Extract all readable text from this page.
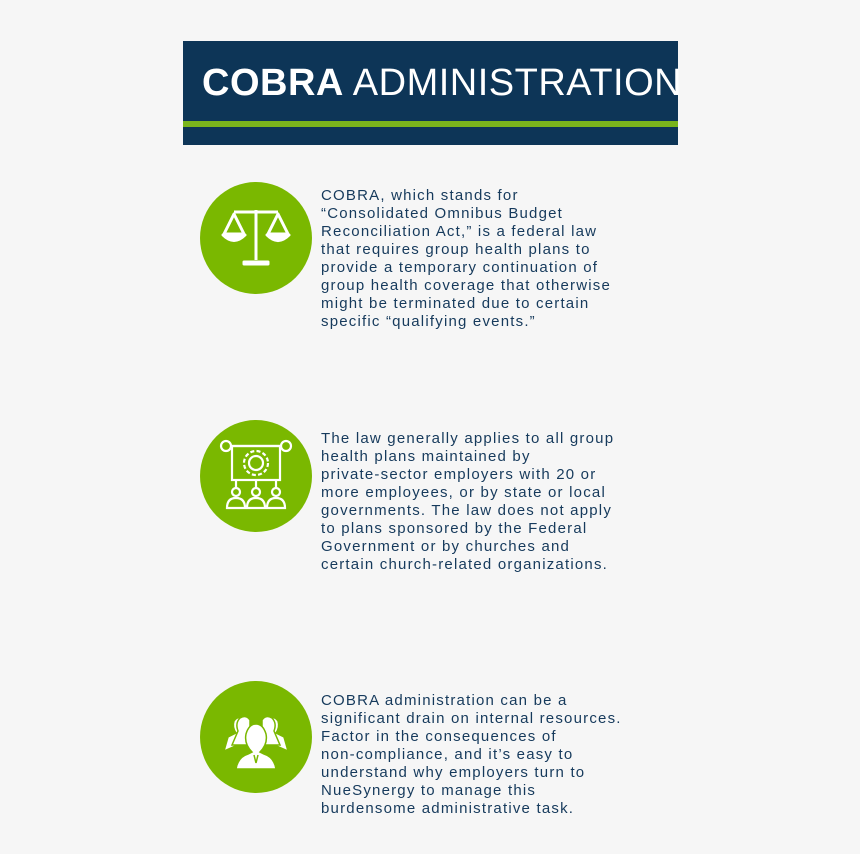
COBRA ADMINISTRATION
COBRA, which stands for
“Consolidated Omnibus Budget
Reconciliation Act,” is a federal law
that requires group health plans to
provide a temporary continuation of
group health coverage that otherwise
might be terminated due to certain
specific “qualifying events.”
The law generally applies to all group
health plans maintained by
private-sector employers with 20 or
more employees, or by state or local
governments. The law does not apply
to plans sponsored by the Federal
Government or by churches and
certain church-related organizations.
COBRA administration can be a
significant drain on internal resources.
Factor in the consequences of
non-compliance, and it’s easy to
understand why employers turn to
NueSynergy to manage this
burdensome administrative task.
